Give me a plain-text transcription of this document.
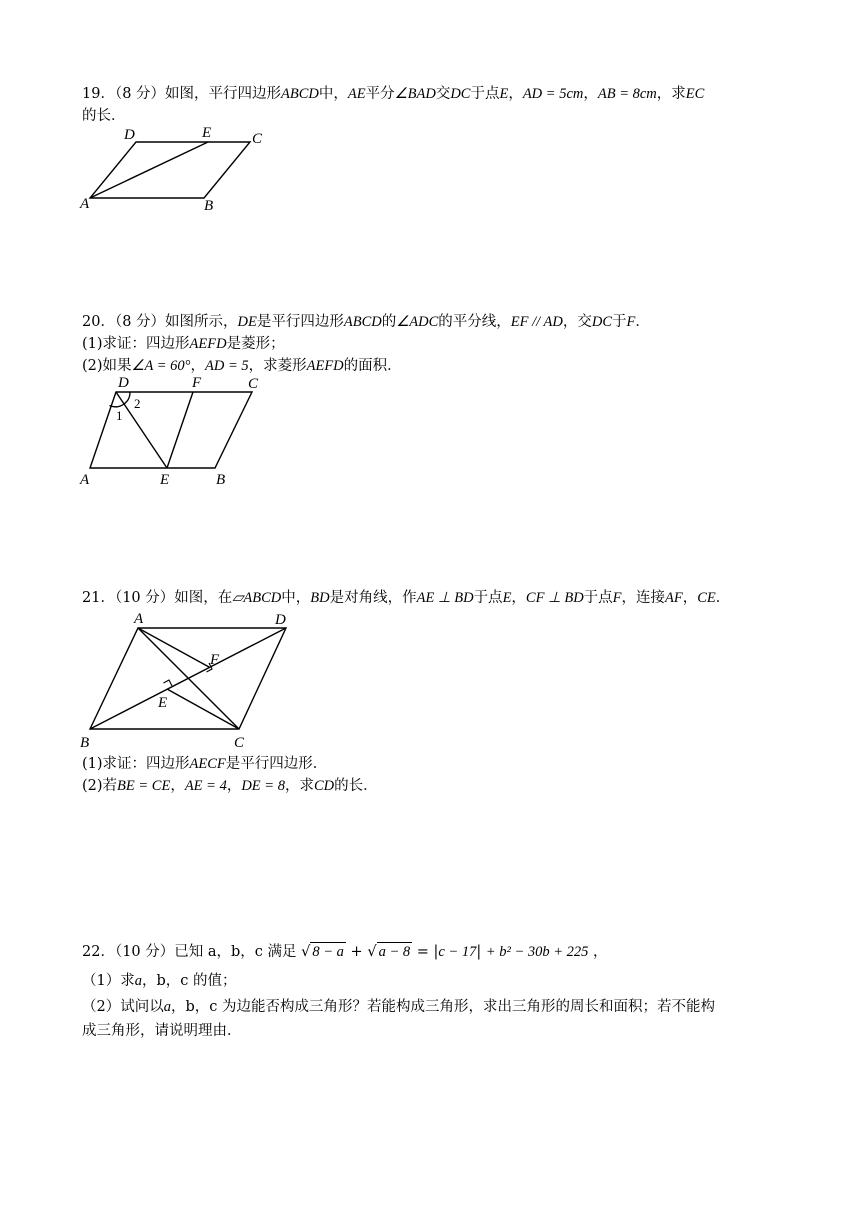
19．（8 分）如图，平行四边形ABCD中，AE平分∠BAD交DC于点E，AD = 5cm，AB = 8cm，求EC
的长．
D	E	C
A	B
20．（8 分）如图所示，DE是平行四边形ABCD的∠ADC的平分线，EF // AD，交DC于F．
(1)求证：四边形AEFD是菱形；
(2)如果∠A = 60°，AD = 5，求菱形AEFD的面积．
D	F	C
A	E	B
1
2
21．（10 分）如图，在▱ABCD中，BD是对角线，作AE ⊥ BD于点E，CF ⊥ BD于点F，连接AF，CE．
A	D
F
E
B	C
(1)求证：四边形AECF是平行四边形．
(2)若BE = CE，AE = 4，DE = 8，求CD的长．
22．（10 分）已知 a，b，c 满足 √ 8 − a + √ a − 8 = |c − 17| + b² − 30b + 225 ，
（1）求a，b，c 的值；
（2）试问以a，b，c 为边能否构成三角形？若能构成三角形，求出三角形的周长和面积；若不能构
成三角形，请说明理由．
